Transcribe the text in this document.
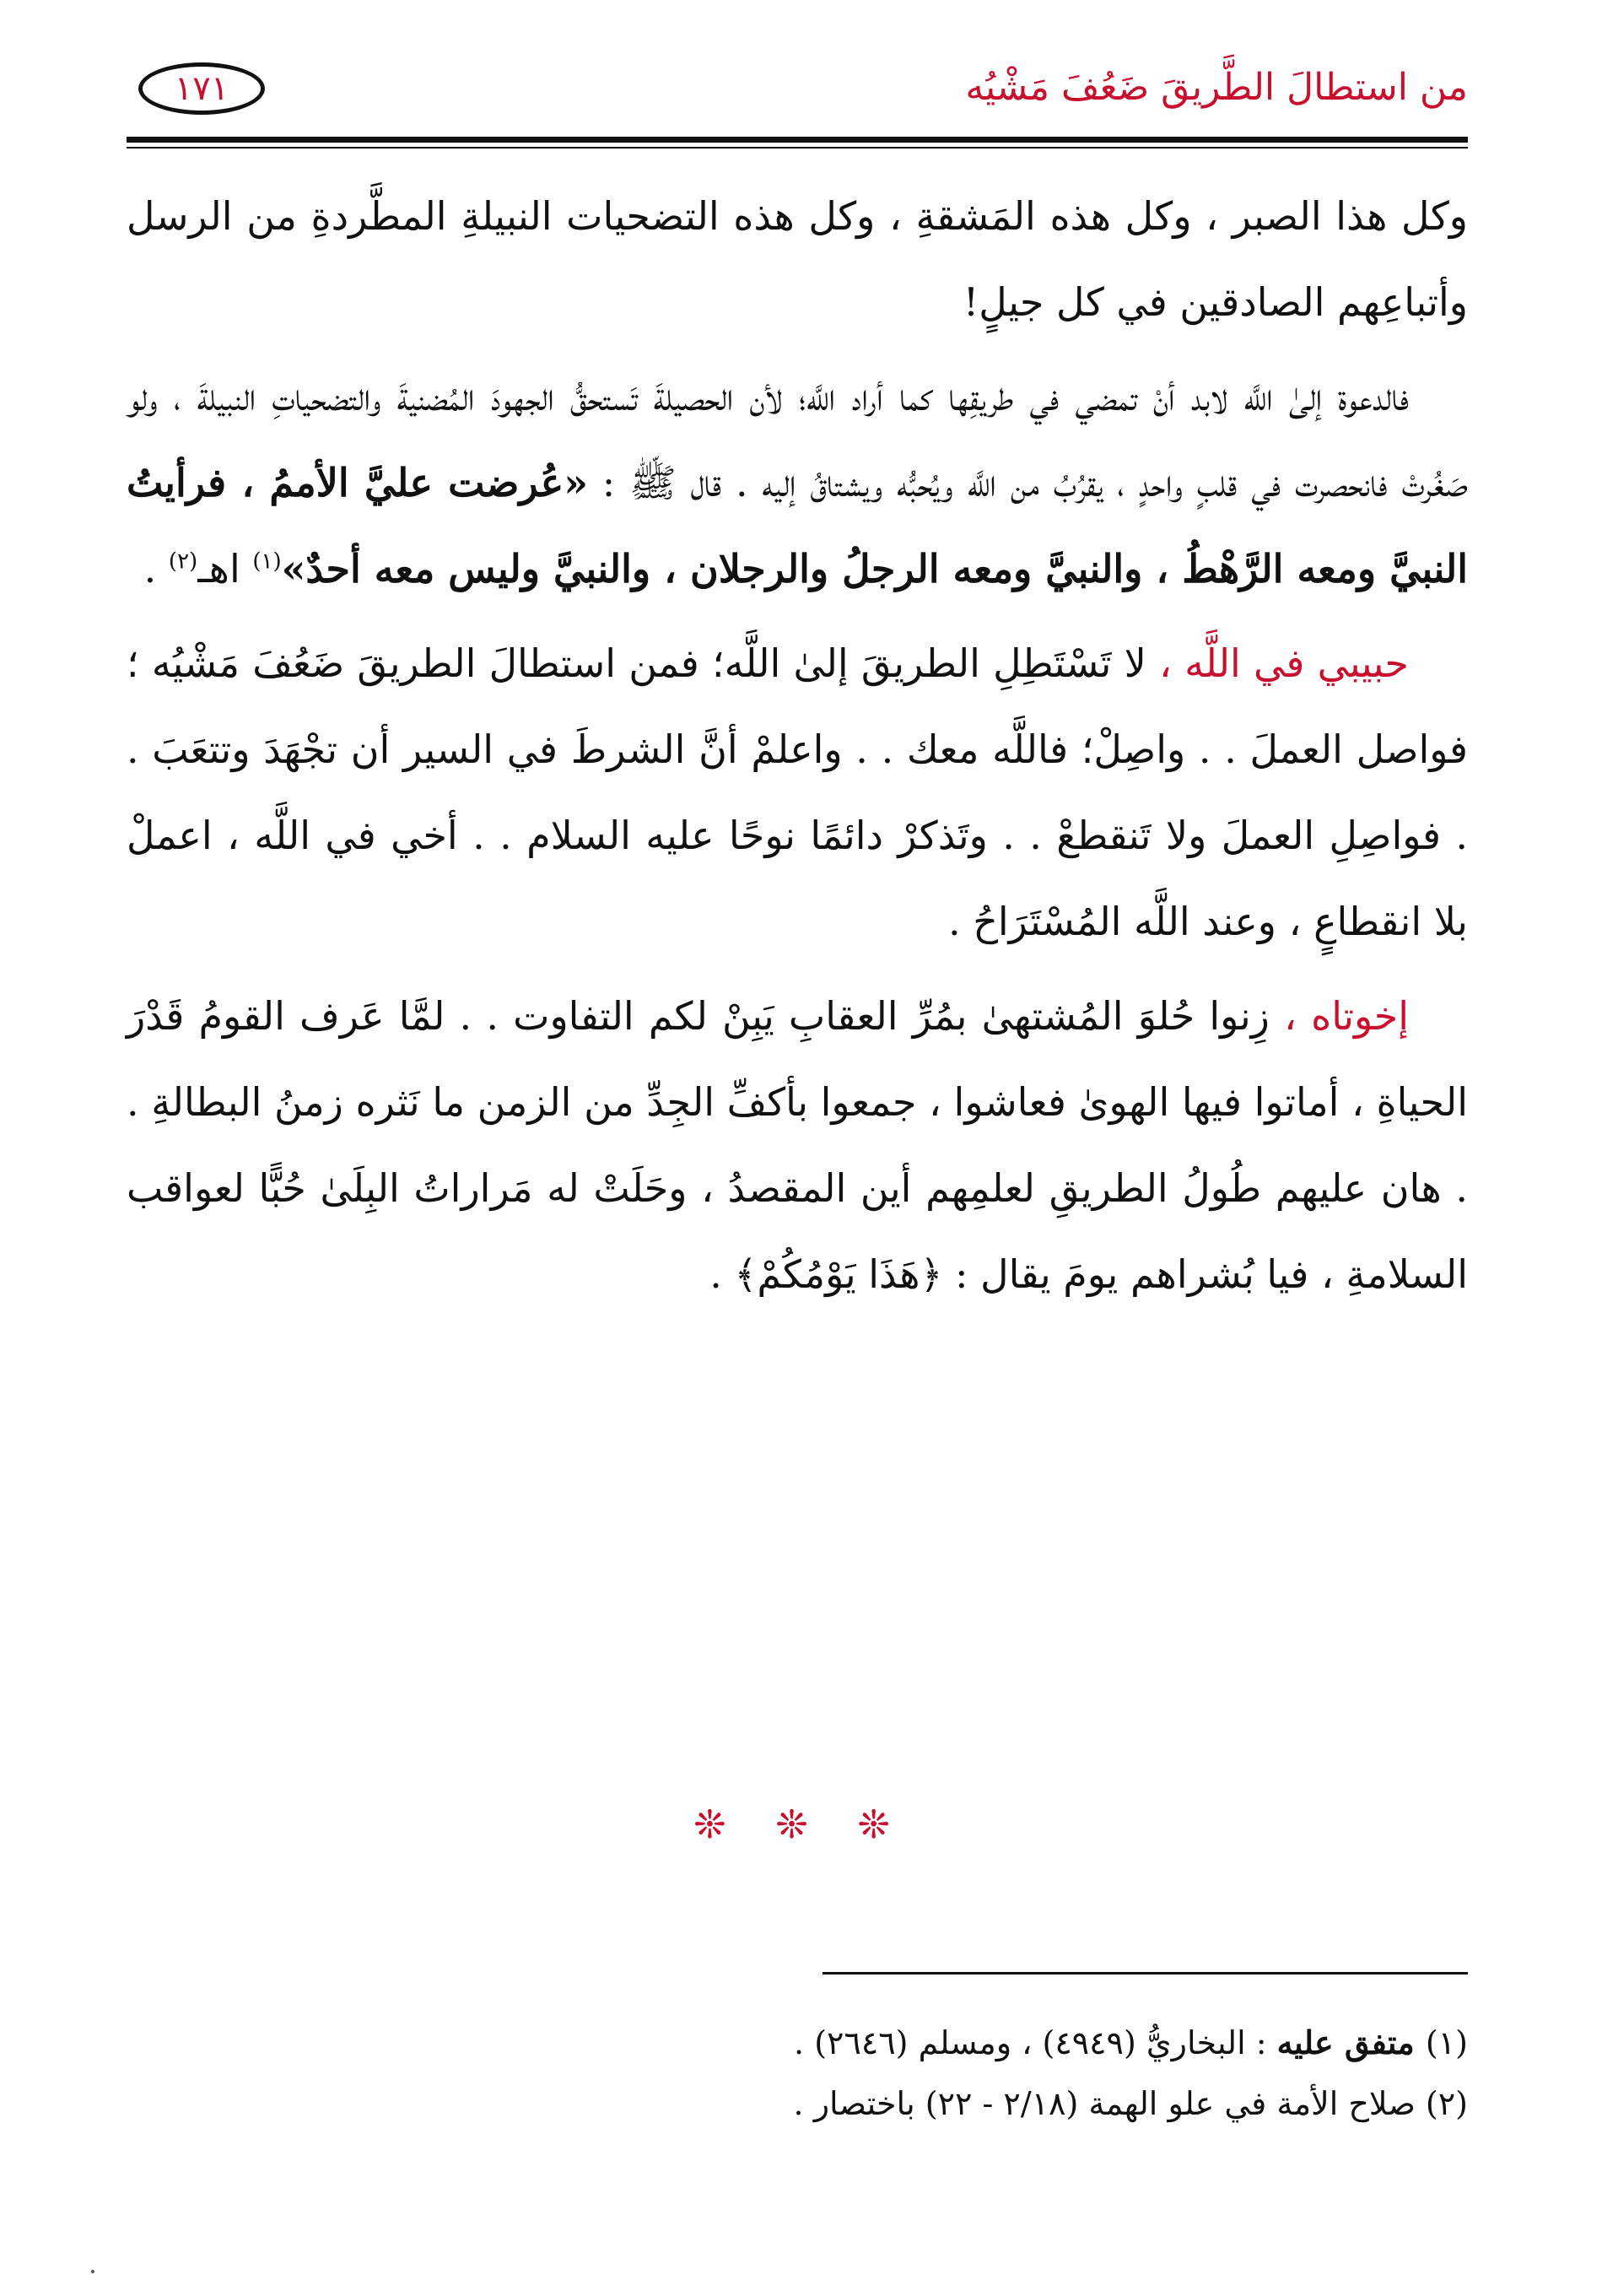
من استطالَ الطَّريقَ ضَعُفَ مَشْيُه
١٧١

وكل هذا الصبر ، وكل هذه المَشقةِ ، وكل هذه التضحيات النبيلةِ المطَّردةِ من الرسل وأتباعِهم الصادقين في كل جيلٍ!

فالدعوة إلىٰ اللَّه لابد أنْ تمضي في طريقِها كما أراد اللَّه؛ لأن الحصيلةَ تَستحقُّ الجهودَ المُضنيةَ والتضحياتِ النبيلةَ ، ولو صَغُرتْ فانحصرت في قلبٍ واحدٍ ، يقرُبُ من اللَّه ويُحبُّه ويشتاقُ إليه . قال ﷺ : «عُرضت عليَّ الأممُ ، فرأيتُ النبيَّ ومعه الرَّهْطُ ، والنبيَّ ومعه الرجلُ والرجلان ، والنبيَّ وليس معه أحدٌ»$^{(١)}$ اهـ$^{(٢)}$ .

حبيبي في اللَّه ، لا تَسْتَطِلِ الطريقَ إلىٰ اللَّه؛ فمن استطالَ الطريقَ ضَعُفَ مَشْيُه ؛ فواصل العملَ . . واصِلْ؛ فاللَّه معك . . واعلمْ أنَّ الشرطَ في السير أن تجْهَدَ وتتعَبَ . . فواصِلِ العملَ ولا تَنقطعْ . . وتَذكرْ دائمًا نوحًا عليه السلام . . أخي في اللَّه ، اعملْ بلا انقطاعٍ ، وعند اللَّه المُسْتَرَاحُ .

إخوتاه ، زِنوا حُلوَ المُشتهىٰ بمُرِّ العقابِ يَبِنْ لكم التفاوت . . لمَّا عَرف القومُ قَدْرَ الحياةِ ، أماتوا فيها الهوىٰ فعاشوا ، جمعوا بأكفِّ الجِدِّ من الزمن ما نَثره زمنُ البطالةِ . . هان عليهم طُولُ الطريقِ لعلمِهم أين المقصدُ ، وحَلَتْ له مَراراتُ البِلَىٰ حُبًّا لعواقب السلامةِ ، فيا بُشراهم يومَ يقال : ﴿هَذَا يَوْمُكُمْ﴾ .

❊ ❊ ❊

(١) متفق عليه : البخاريُّ (٤٩٤٩) ، ومسلم (٢٦٤٦) .

(٢) صلاح الأمة في علو الهمة (٢/١٨ - ٢٢) باختصار .
